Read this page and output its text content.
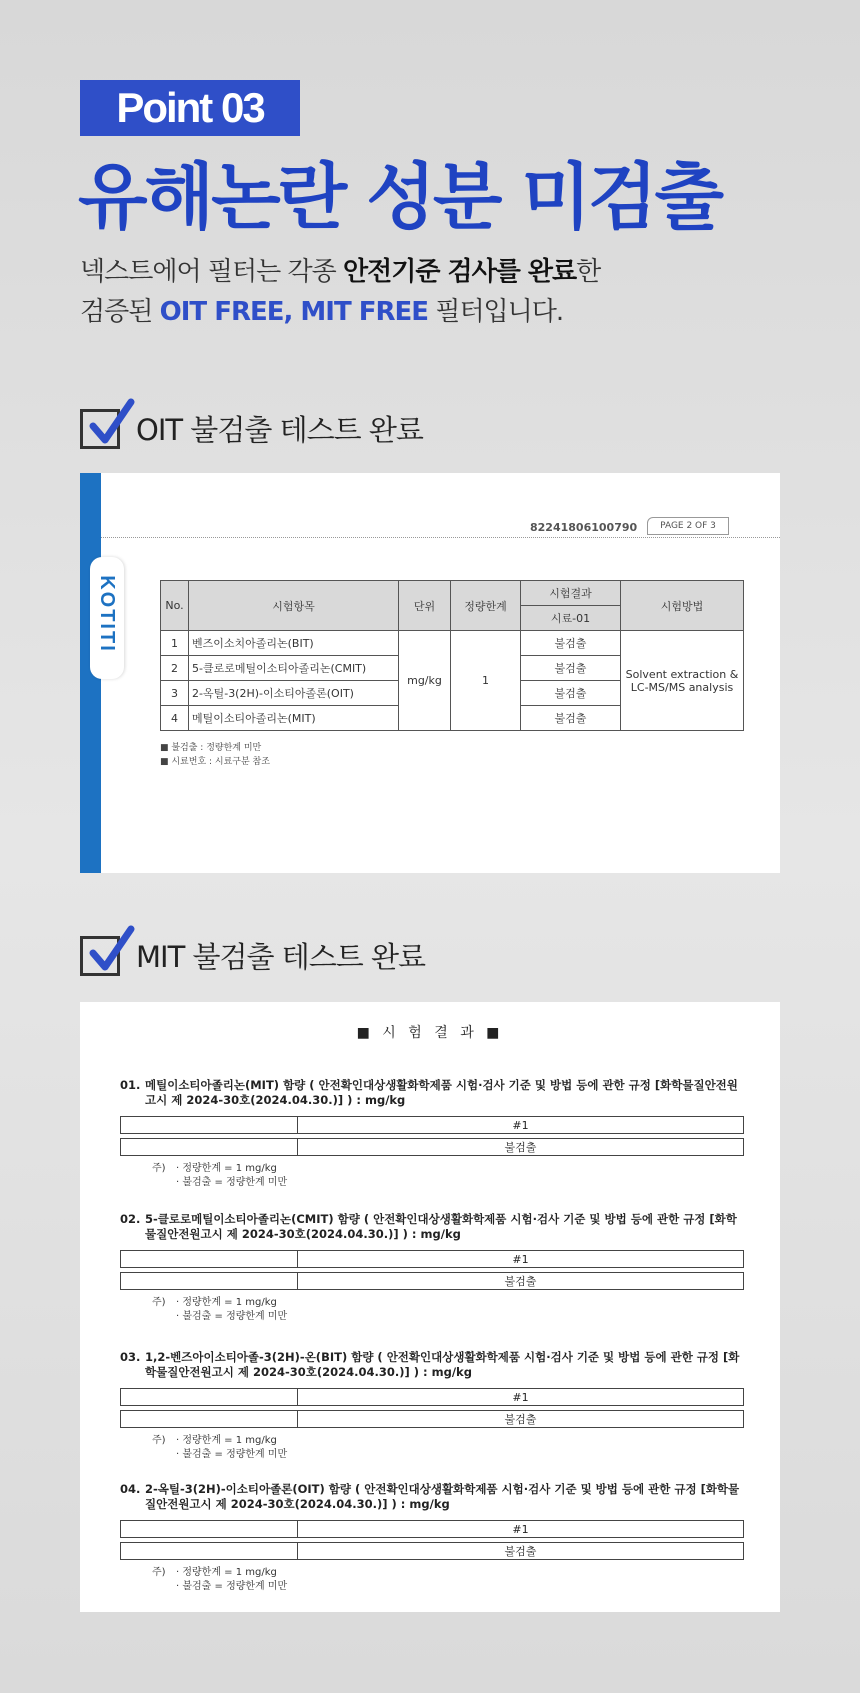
Point 03
유해논란 성분 미검출
넥스트에어 필터는 각종 안전기준 검사를 완료한
검증된 OIT FREE, MIT FREE 필터입니다.
OIT 불검출 테스트 완료
KOTITI
82241806100790	PAGE 2 OF 3
No.	시험항목	단위	정량한계	시험결과	시험방법
				시료-01	
1	벤즈이소치아졸리논(BIT)	mg/kg	1	불검출	Solvent extraction &
LC-MS/MS analysis
2	5-클로로메틸이소티아졸리논(CMIT)			불검출	
3	2-옥틸-3(2H)-이소티아졸론(OIT)			불검출	
4	메틸이소티아졸리논(MIT)			불검출	
■ 불검출 : 정량한계 미만
■ 시료번호 : 시료구분 참조
MIT 불검출 테스트 완료
■ 시 험 결 과 ■
01. 메틸이소티아졸리논(MIT) 함량 ( 안전확인대상생활화학제품 시험·검사 기준 및 방법 등에 관한 규정 [화학물질안전원고시 제 2024-30호(2024.04.30.)] ) : mg/kg
	#1
	불검출
주)	· 정량한계 = 1 mg/kg
· 불검출 = 정량한계 미만
02. 5-클로로메틸이소티아졸리논(CMIT) 함량 ( 안전확인대상생활화학제품 시험·검사 기준 및 방법 등에 관한 규정 [화학물질안전원고시 제 2024-30호(2024.04.30.)] ) : mg/kg
	#1
	불검출
주)	· 정량한계 = 1 mg/kg
· 불검출 = 정량한계 미만
03. 1,2-벤즈아이소티아졸-3(2H)-온(BIT) 함량 ( 안전확인대상생활화학제품 시험·검사 기준 및 방법 등에 관한 규정 [화학물질안전원고시 제 2024-30호(2024.04.30.)] ) : mg/kg
	#1
	불검출
주)	· 정량한계 = 1 mg/kg
· 불검출 = 정량한계 미만
04. 2-옥틸-3(2H)-이소티아졸론(OIT) 함량 ( 안전확인대상생활화학제품 시험·검사 기준 및 방법 등에 관한 규정 [화학물질안전원고시 제 2024-30호(2024.04.30.)] ) : mg/kg
	#1
	불검출
주)	· 정량한계 = 1 mg/kg
· 불검출 = 정량한계 미만
